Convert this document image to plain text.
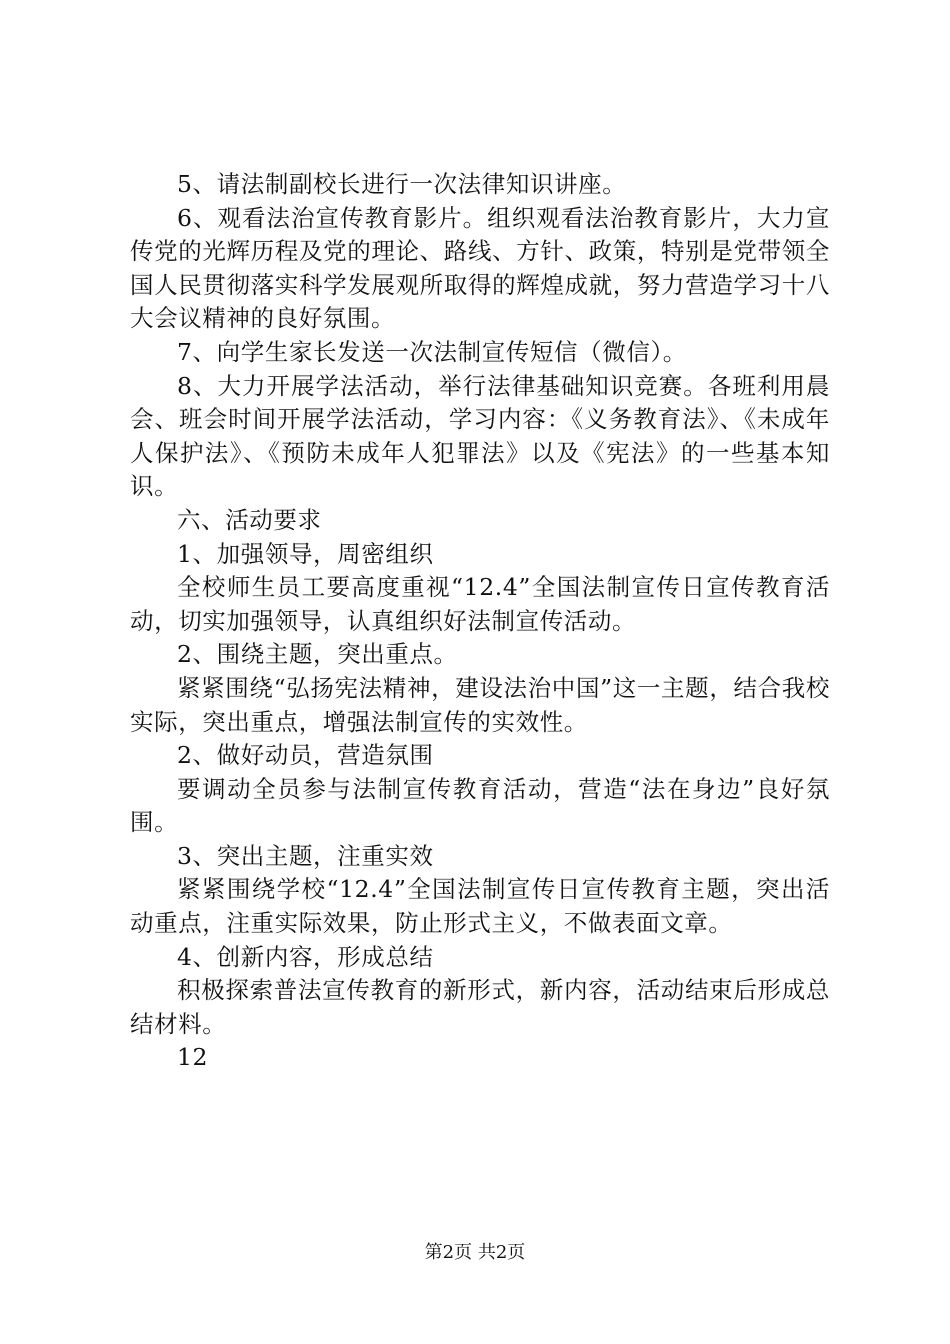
5、请法制副校长进行一次法律知识讲座。

6、观看法治宣传教育影片。组织观看法治教育影片，大力宣传党的光辉历程及党的理论、路线、方针、政策，特别是党带领全国人民贯彻落实科学发展观所取得的辉煌成就，努力营造学习十八大会议精神的良好氛围。

7、向学生家长发送一次法制宣传短信（微信）。

8、大力开展学法活动，举行法律基础知识竞赛。各班利用晨会、班会时间开展学法活动，学习内容：《义务教育法》、《未成年人保护法》、《预防未成年人犯罪法》以及《宪法》的一些基本知识。

六、活动要求

1、加强领导，周密组织

全校师生员工要高度重视“12.4”全国法制宣传日宣传教育活动，切实加强领导，认真组织好法制宣传活动。

2、围绕主题，突出重点。

紧紧围绕“弘扬宪法精神，建设法治中国”这一主题，结合我校实际，突出重点，增强法制宣传的实效性。

2、做好动员，营造氛围

要调动全员参与法制宣传教育活动，营造“法在身边”良好氛围。

3、突出主题，注重实效

紧紧围绕学校“12.4”全国法制宣传日宣传教育主题，突出活动重点，注重实际效果，防止形式主义，不做表面文章。

4、创新内容，形成总结

积极探索普法宣传教育的新形式，新内容，活动结束后形成总结材料。

12

第2页 共2页
